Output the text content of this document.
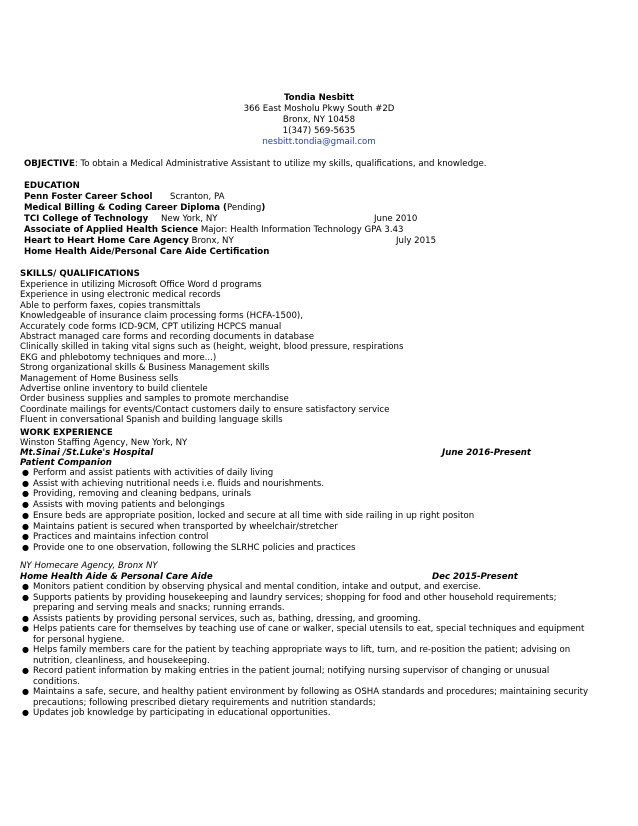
Tondia Nesbitt
366 East Mosholu Pkwy South #2D
Bronx, NY 10458
1(347) 569-5635
nesbitt.tondia@gmail.com
OBJECTIVE: To obtain a Medical Administrative Assistant to utilize my skills, qualifications, and knowledge.
EDUCATION
Penn Foster Career School Scranton, PA
Medical Billing & Coding Career Diploma (Pending)
TCI College of Technology New York, NY	June 2010
Associate of Applied Health Science Major: Health Information Technology GPA 3.43
Heart to Heart Home Care Agency Bronx, NY	July 2015
Home Health Aide/Personal Care Aide Certification
SKILLS/ QUALIFICATIONS
Experience in utilizing Microsoft Office Word d programs
Experience in using electronic medical records
Able to perform faxes, copies transmittals
Knowledgeable of insurance claim processing forms (HCFA-1500),
Accurately code forms ICD-9CM, CPT utilizing HCPCS manual
Abstract managed care forms and recording documents in database
Clinically skilled in taking vital signs such as (height, weight, blood pressure, respirations
EKG and phlebotomy techniques and more...)
Strong organizational skills & Business Management skills
Management of Home Business sells
Advertise online inventory to build clientele
Order business supplies and samples to promote merchandise
Coordinate mailings for events/Contact customers daily to ensure satisfactory service
Fluent in conversational Spanish and building language skills
WORK EXPERIENCE
Winston Staffing Agency, New York, NY
Mt.Sinai /St.Luke's Hospital	June 2016-Present
Patient Companion
● Perform and assist patients with activities of daily living
● Assist with achieving nutritional needs i.e. fluids and nourishments.
● Providing, removing and cleaning bedpans, urinals
● Assists with moving patients and belongings
● Ensure beds are appropriate position, locked and secure at all time with side railing in up right positon
● Maintains patient is secured when transported by wheelchair/stretcher
● Practices and maintains infection control
● Provide one to one observation, following the SLRHC policies and practices
NY Homecare Agency, Bronx NY
Home Health Aide & Personal Care Aide	Dec 2015-Present
● Monitors patient condition by observing physical and mental condition, intake and output, and exercise.
● Supports patients by providing housekeeping and laundry services; shopping for food and other household requirements;
preparing and serving meals and snacks; running errands.
● Assists patients by providing personal services, such as, bathing, dressing, and grooming.
● Helps patients care for themselves by teaching use of cane or walker, special utensils to eat, special techniques and equipment
for personal hygiene.
● Helps family members care for the patient by teaching appropriate ways to lift, turn, and re-position the patient; advising on
nutrition, cleanliness, and housekeeping.
● Record patient information by making entries in the patient journal; notifying nursing supervisor of changing or unusual
conditions.
● Maintains a safe, secure, and healthy patient environment by following as OSHA standards and procedures; maintaining security
precautions; following prescribed dietary requirements and nutrition standards;
● Updates job knowledge by participating in educational opportunities.
